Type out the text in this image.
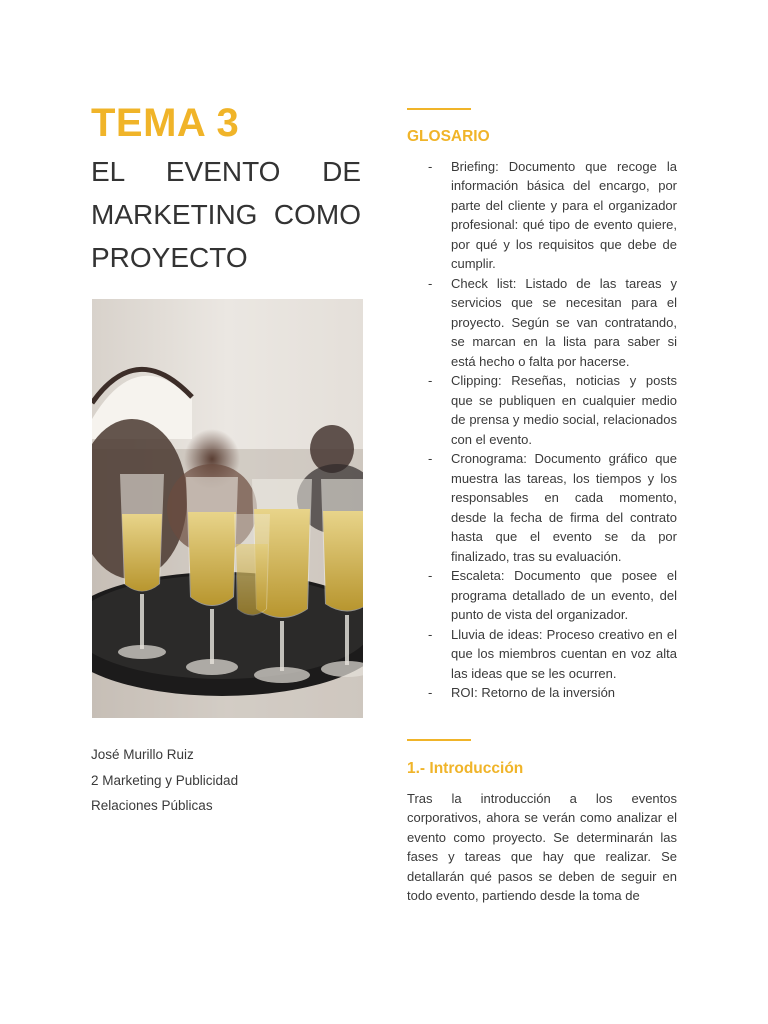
TEMA 3
EL EVENTO DE MARKETING COMO PROYECTO
José Murillo Ruiz
2 Marketing y Publicidad
Relaciones Públicas
GLOSARIO
- Briefing: Documento que recoge la información básica del encargo, por parte del cliente y para el organizador profesional: qué tipo de evento quiere, por qué y los requisitos que debe de cumplir.
- Check list: Listado de las tareas y servicios que se necesitan para el proyecto. Según se van contratando, se marcan en la lista para saber si está hecho o falta por hacerse.
- Clipping: Reseñas, noticias y posts que se publiquen en cualquier medio de prensa y medio social, relacionados con el evento.
- Cronograma: Documento gráfico que muestra las tareas, los tiempos y los responsables en cada momento, desde la fecha de firma del contrato hasta que el evento se da por finalizado, tras su evaluación.
- Escaleta: Documento que posee el programa detallado de un evento, del punto de vista del organizador.
- Lluvia de ideas: Proceso creativo en el que los miembros cuentan en voz alta las ideas que se les ocurren.
- ROI: Retorno de la inversión
1.- Introducción
Tras la introducción a los eventos corporativos, ahora se verán como analizar el evento como proyecto. Se determinarán las fases y tareas que hay que realizar. Se detallarán qué pasos se deben de seguir en todo evento, partiendo desde la toma de
